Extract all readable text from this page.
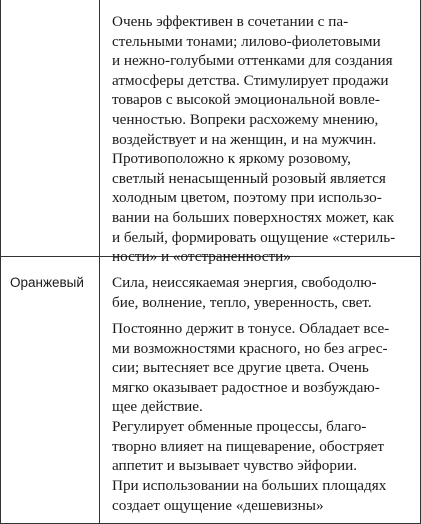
Очень эффективен в сочетании с па-

стельными тонами; лилово-фиолетовыми

и нежно-голубыми оттенками для создания

атмосферы детства. Стимулирует продажи

товаров с высокой эмоциональной вовле-

ченностью. Вопреки расхожему мнению,

воздействует и на женщин, и на мужчин.

Противоположно к яркому розовому,

светлый ненасыщенный розовый является

холодным цветом, поэтому при использо-

вании на больших поверхностях может, как

и белый, формировать ощущение «стериль-

ности» и «отстраненности»

Оранжевый Сила, неиссякаемая энергия, свободолю-

бие, волнение, тепло, уверенность, свет.

Постоянно держит в тонусе. Обладает все-

ми возможностями красного, но без агрес-

сии; вытесняет все другие цвета. Очень

мягко оказывает радостное и возбуждаю-

щее действие.

Регулирует обменные процессы, благо-

творно влияет на пищеварение, обостряет

аппетит и вызывает чувство эйфории.

При использовании на больших площадях

создает ощущение «дешевизны»
